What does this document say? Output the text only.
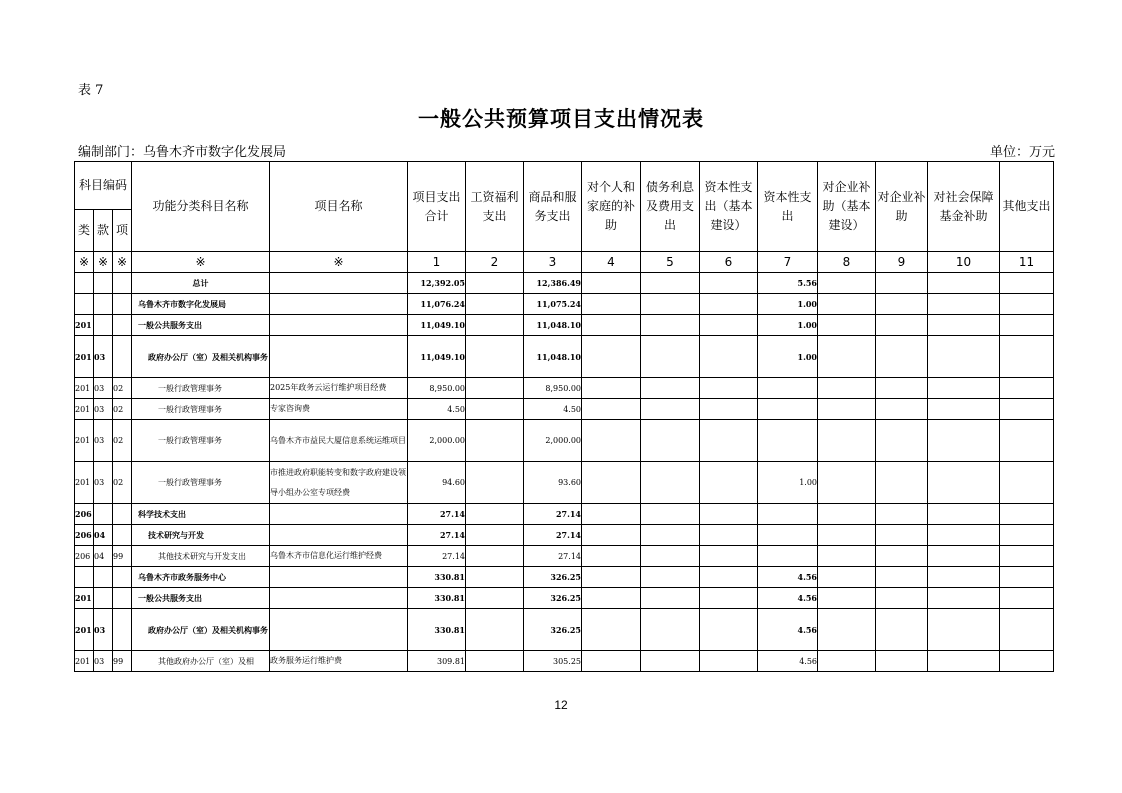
表 7
一般公共预算项目支出情况表
编制部门：乌鲁木齐市数字化发展局	单位：万元
科目编码			功能分类科目名称	项目名称	项目支出合计	工资福利支出	商品和服务支出	对个人和家庭的补助	债务利息及费用支出	资本性支出（基本建设）	资本性支出	对企业补助（基本建设）	对企业补助	对社会保障基金补助	其他支出
类	款	项													
※	※	※	※	※	1	2	3	4	5	6	7	8	9	10	11
			总计		12,392.05		12,386.49				5.56				
			乌鲁木齐市数字化发展局		11,076.24		11,075.24				1.00				
201			一般公共服务支出		11,049.10		11,048.10				1.00				
201	03		政府办公厅（室）及相关机构事务		11,049.10		11,048.10				1.00				
201	03	02	一般行政管理事务	2025年政务云运行维护项目经费	8,950.00		8,950.00								
201	03	02	一般行政管理事务	专家咨询费	4.50		4.50								
201	03	02	一般行政管理事务	乌鲁木齐市益民大厦信息系统运维项目	2,000.00		2,000.00								
201	03	02	一般行政管理事务	市推进政府职能转变和数字政府建设领导小组办公室专项经费	94.60		93.60				1.00				
206			科学技术支出		27.14		27.14								
206	04		技术研究与开发		27.14		27.14								
206	04	99	其他技术研究与开发支出	乌鲁木齐市信息化运行维护经费	27.14		27.14								
			乌鲁木齐市政务服务中心		330.81		326.25				4.56				
201			一般公共服务支出		330.81		326.25				4.56				
201	03		政府办公厅（室）及相关机构事务		330.81		326.25				4.56				
201	03	99	其他政府办公厅（室）及相	政务服务运行维护费	309.81		305.25				4.56				
12
